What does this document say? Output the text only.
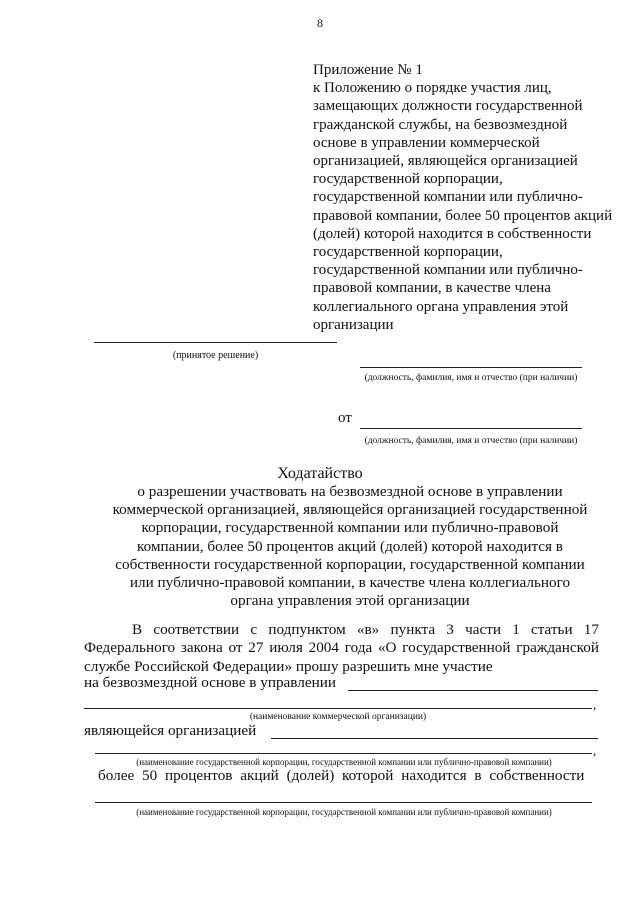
8
Приложение № 1
к Положению о порядке участия лиц, замещающих должности государственной гражданской службы, на безвозмездной основе в управлении коммерческой организацией, являющейся организацией государственной корпорации, государственной компании или публично-правовой компании, более 50 процентов акций (долей) которой находится в собственности государственной корпорации, государственной компании или публично-правовой компании, в качестве члена коллегиального органа управления этой организации
(принятое решение)
(должность, фамилия, имя и отчество (при наличии)
от
(должность, фамилия, имя и отчество (при наличии)
Ходатайство
о разрешении участвовать на безвозмездной основе в управлении коммерческой организацией, являющейся организацией государственной корпорации, государственной компании или публично-правовой компании, более 50 процентов акций (долей) которой находится в собственности государственной корпорации, государственной компании или публично-правовой компании, в качестве члена коллегиального органа управления этой организации
В соответствии с подпунктом «в» пункта 3 части 1 статьи 17 Федерального закона от 27 июля 2004 года «О государственной гражданской службе Российской Федерации» прошу разрешить мне участие
на безвозмездной основе в управлении
,
(наименование коммерческой организации)
являющейся организацией
,
(наименование государственной корпорации, государственной компании или публично-правовой компании)
более 50 процентов акций (долей) которой находится в собственности
(наименование государственной корпорации, государственной компании или публично-правовой компании)
